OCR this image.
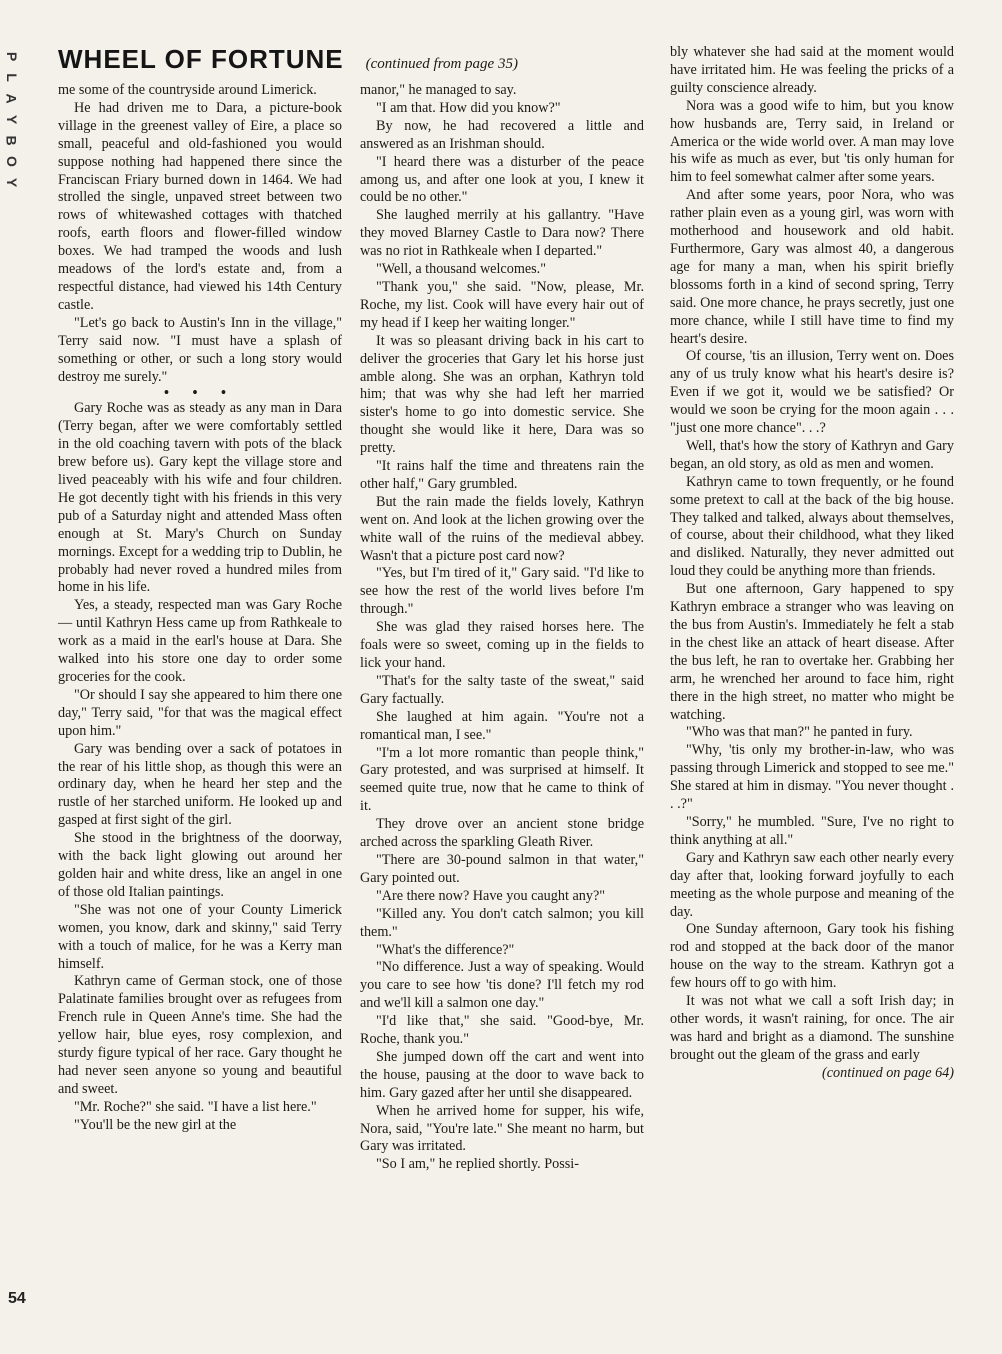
P
L
A
Y
B
O
Y
54
WHEEL OF FORTUNE (continued from page 35)

me some of the countryside around Limerick.

He had driven me to Dara, a picture-book village in the greenest valley of Eire, a place so small, peaceful and old-fashioned you would suppose nothing had happened there since the Franciscan Friary burned down in 1464. We had strolled the single, unpaved street between two rows of whitewashed cottages with thatched roofs, earth floors and flower-filled window boxes. We had tramped the woods and lush meadows of the lord's estate and, from a respectful distance, had viewed his 14th Century castle.

"Let's go back to Austin's Inn in the village," Terry said now. "I must have a splash of something or other, or such a long story would destroy me surely."

• • •

Gary Roche was as steady as any man in Dara (Terry began, after we were comfortably settled in the old coaching tavern with pots of the black brew before us). Gary kept the village store and lived peaceably with his wife and four children. He got decently tight with his friends in this very pub of a Saturday night and attended Mass often enough at St. Mary's Church on Sunday mornings. Except for a wedding trip to Dublin, he probably had never roved a hundred miles from home in his life.

Yes, a steady, respected man was Gary Roche — until Kathryn Hess came up from Rathkeale to work as a maid in the earl's house at Dara. She walked into his store one day to order some groceries for the cook.

"Or should I say she appeared to him there one day," Terry said, "for that was the magical effect upon him."

Gary was bending over a sack of potatoes in the rear of his little shop, as though this were an ordinary day, when he heard her step and the rustle of her starched uniform. He looked up and gasped at first sight of the girl.

She stood in the brightness of the doorway, with the back light glowing out around her golden hair and white dress, like an angel in one of those old Italian paintings.

"She was not one of your County Limerick women, you know, dark and skinny," said Terry with a touch of malice, for he was a Kerry man himself.

Kathryn came of German stock, one of those Palatinate families brought over as refugees from French rule in Queen Anne's time. She had the yellow hair, blue eyes, rosy complexion, and sturdy figure typical of her race. Gary thought he had never seen anyone so young and beautiful and sweet.

"Mr. Roche?" she said. "I have a list here."

"You'll be the new girl at the

manor," he managed to say.

"I am that. How did you know?"

By now, he had recovered a little and answered as an Irishman should.

"I heard there was a disturber of the peace among us, and after one look at you, I knew it could be no other."

She laughed merrily at his gallantry. "Have they moved Blarney Castle to Dara now? There was no riot in Rathkeale when I departed."

"Well, a thousand welcomes."

"Thank you," she said. "Now, please, Mr. Roche, my list. Cook will have every hair out of my head if I keep her waiting longer."

It was so pleasant driving back in his cart to deliver the groceries that Gary let his horse just amble along. She was an orphan, Kathryn told him; that was why she had left her married sister's home to go into domestic service. She thought she would like it here, Dara was so pretty.

"It rains half the time and threatens rain the other half," Gary grumbled.

But the rain made the fields lovely, Kathryn went on. And look at the lichen growing over the white wall of the ruins of the medieval abbey. Wasn't that a picture post card now?

"Yes, but I'm tired of it," Gary said. "I'd like to see how the rest of the world lives before I'm through."

She was glad they raised horses here. The foals were so sweet, coming up in the fields to lick your hand.

"That's for the salty taste of the sweat," said Gary factually.

She laughed at him again. "You're not a romantical man, I see."

"I'm a lot more romantic than people think," Gary protested, and was surprised at himself. It seemed quite true, now that he came to think of it.

They drove over an ancient stone bridge arched across the sparkling Gleath River.

"There are 30-pound salmon in that water," Gary pointed out.

"Are there now? Have you caught any?"

"Killed any. You don't catch salmon; you kill them."

"What's the difference?"

"No difference. Just a way of speaking. Would you care to see how 'tis done? I'll fetch my rod and we'll kill a salmon one day."

"I'd like that," she said. "Good-bye, Mr. Roche, thank you."

She jumped down off the cart and went into the house, pausing at the door to wave back to him. Gary gazed after her until she disappeared.

When he arrived home for supper, his wife, Nora, said, "You're late." She meant no harm, but Gary was irritated.

"So I am," he replied shortly. Possi-

bly whatever she had said at the moment would have irritated him. He was feeling the pricks of a guilty conscience already.

Nora was a good wife to him, but you know how husbands are, Terry said, in Ireland or America or the wide world over. A man may love his wife as much as ever, but 'tis only human for him to feel somewhat calmer after some years.

And after some years, poor Nora, who was rather plain even as a young girl, was worn with motherhood and housework and old habit. Furthermore, Gary was almost 40, a dangerous age for many a man, when his spirit briefly blossoms forth in a kind of second spring, Terry said. One more chance, he prays secretly, just one more chance, while I still have time to find my heart's desire.

Of course, 'tis an illusion, Terry went on. Does any of us truly know what his heart's desire is? Even if we got it, would we be satisfied? Or would we soon be crying for the moon again . . . "just one more chance". . .?

Well, that's how the story of Kathryn and Gary began, an old story, as old as men and women.

Kathryn came to town frequently, or he found some pretext to call at the back of the big house. They talked and talked, always about themselves, of course, about their childhood, what they liked and disliked. Naturally, they never admitted out loud they could be anything more than friends.

But one afternoon, Gary happened to spy Kathryn embrace a stranger who was leaving on the bus from Austin's. Immediately he felt a stab in the chest like an attack of heart disease. After the bus left, he ran to overtake her. Grabbing her arm, he wrenched her around to face him, right there in the high street, no matter who might be watching.

"Who was that man?" he panted in fury.

"Why, 'tis only my brother-in-law, who was passing through Limerick and stopped to see me." She stared at him in dismay. "You never thought . . .?"

"Sorry," he mumbled. "Sure, I've no right to think anything at all."

Gary and Kathryn saw each other nearly every day after that, looking forward joyfully to each meeting as the whole purpose and meaning of the day.

One Sunday afternoon, Gary took his fishing rod and stopped at the back door of the manor house on the way to the stream. Kathryn got a few hours off to go with him.

It was not what we call a soft Irish day; in other words, it wasn't raining, for once. The air was hard and bright as a diamond. The sunshine brought out the gleam of the grass and early

(continued on page 64)
